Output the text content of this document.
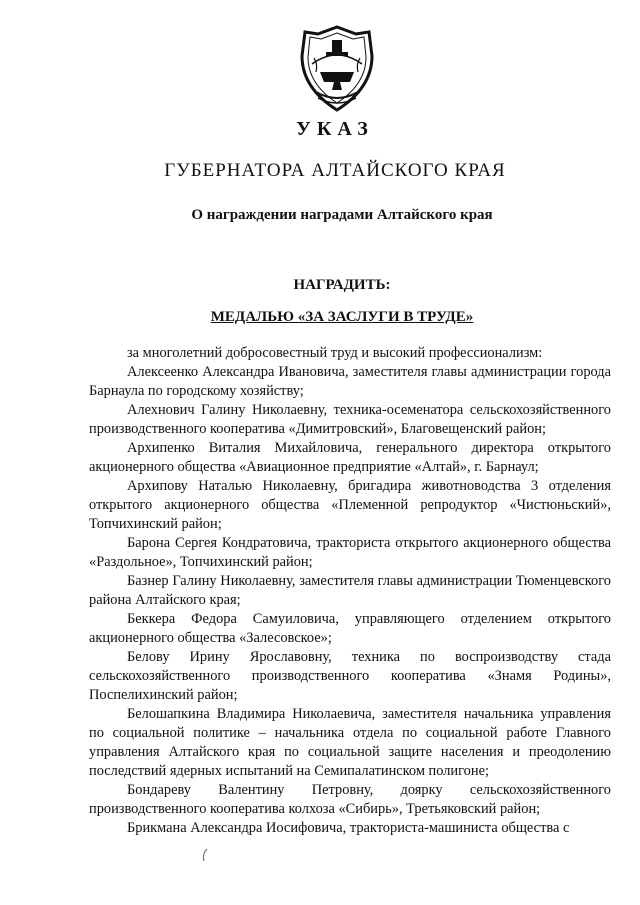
УКАЗ
ГУБЕРНАТОРА АЛТАЙСКОГО КРАЯ
О награждении наградами Алтайского края
НАГРАДИТЬ:
МЕДАЛЬЮ «ЗА ЗАСЛУГИ В ТРУДЕ»

за многолетний добросовестный труд и высокий профессионализм:

Алексеенко Александра Ивановича, заместителя главы администрации города Барнаула по городскому хозяйству;

Алехнович Галину Николаевну, техника-осеменатора сельскохозяйственного производственного кооператива «Димитровский», Благовещенский район;

Архипенко Виталия Михайловича, генерального директора открытого акционерного общества «Авиационное предприятие «Алтай», г. Барнаул;

Архипову Наталью Николаевну, бригадира животноводства 3 отделения открытого акционерного общества «Племенной репродуктор «Чистюньский», Топчихинский район;

Барона Сергея Кондратовича, тракториста открытого акционерного общества «Раздольное», Топчихинский район;

Базнер Галину Николаевну, заместителя главы администрации Тюменцевского района Алтайского края;

Беккера Федора Самуиловича, управляющего отделением открытого акционерного общества «Залесовское»;

Белову Ирину Ярославовну, техника по воспроизводству стада сельскохозяйственного производственного кооператива «Знамя Родины», Поспелихинский район;

Белошапкина Владимира Николаевича, заместителя начальника управления по социальной политике – начальника отдела по социальной работе Главного управления Алтайского края по социальной защите населения и преодолению последствий ядерных испытаний на Семипалатинском полигоне;

Бондареву Валентину Петровну, доярку сельскохозяйственного производственного кооператива колхоза «Сибирь», Третьяковский район;

Брикмана Александра Иосифовича, тракториста-машиниста общества с
